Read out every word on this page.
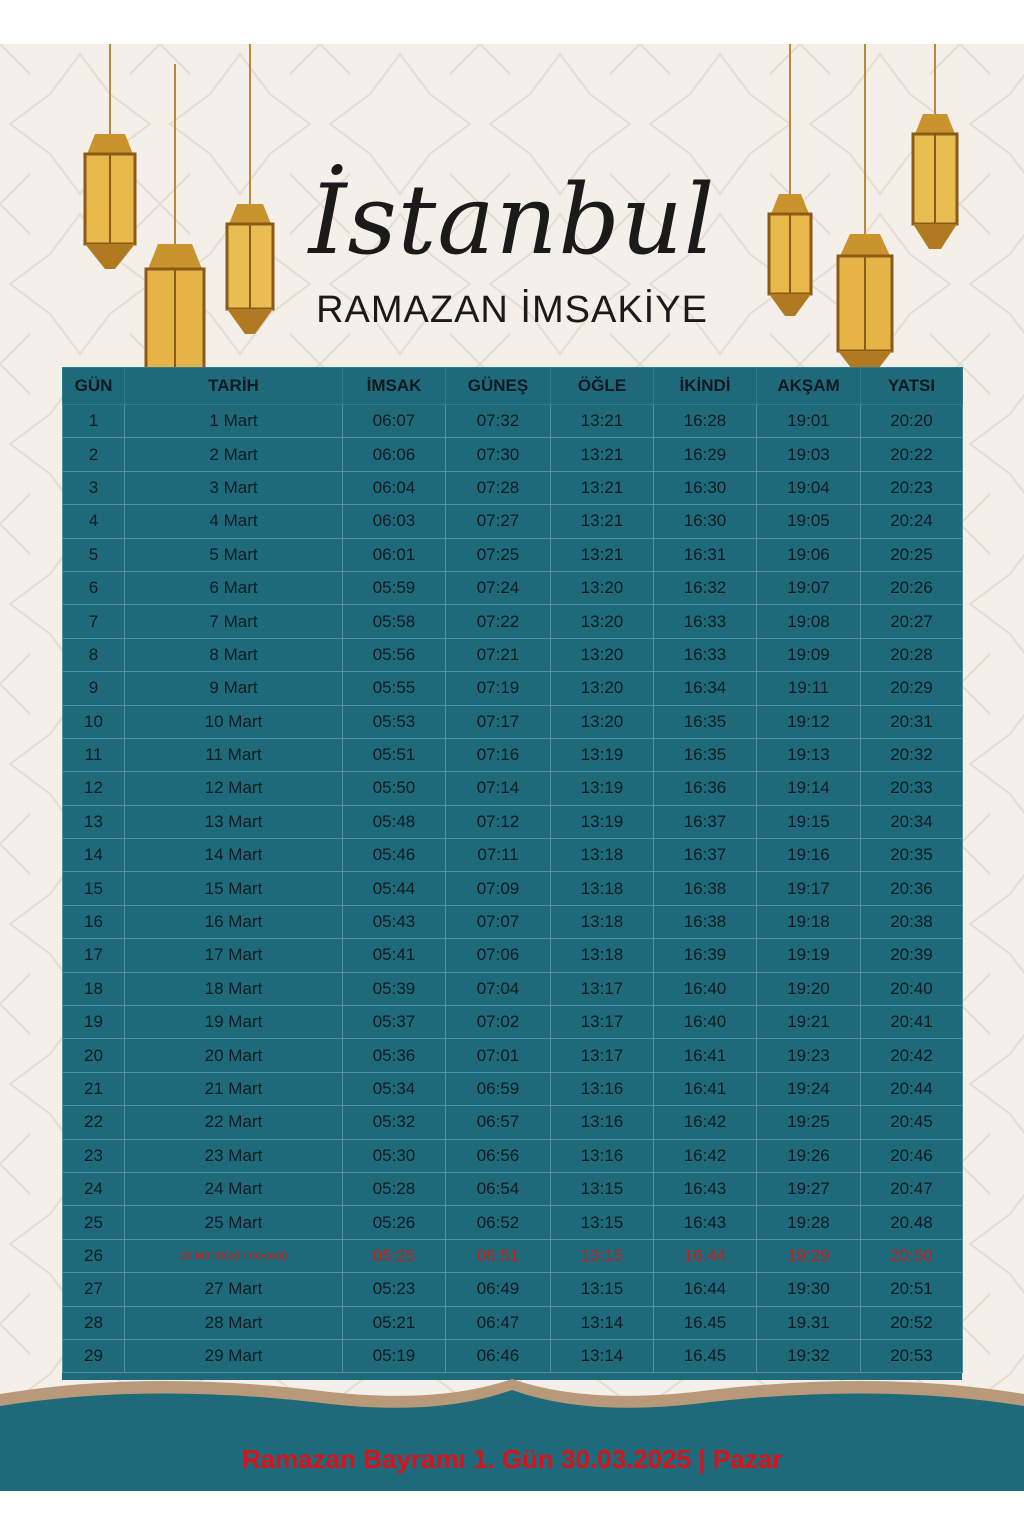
İstanbul
RAMAZAN İMSAKİYE
GÜN	TARİH	İMSAK	GÜNEŞ	ÖĞLE	İKİNDİ	AKŞAM	YATSI
1	1 Mart	06:07	07:32	13:21	16:28	19:01	20:20
2	2 Mart	06:06	07:30	13:21	16:29	19:03	20:22
3	3 Mart	06:04	07:28	13:21	16:30	19:04	20:23
4	4 Mart	06:03	07:27	13:21	16:30	19:05	20:24
5	5 Mart	06:01	07:25	13:21	16:31	19:06	20:25
6	6 Mart	05:59	07:24	13:20	16:32	19:07	20:26
7	7 Mart	05:58	07:22	13:20	16:33	19:08	20:27
8	8 Mart	05:56	07:21	13:20	16:33	19:09	20:28
9	9 Mart	05:55	07:19	13:20	16:34	19:11	20:29
10	10 Mart	05:53	07:17	13:20	16:35	19:12	20:31
11	11 Mart	05:51	07:16	13:19	16:35	19:13	20:32
12	12 Mart	05:50	07:14	13:19	16:36	19:14	20:33
13	13 Mart	05:48	07:12	13:19	16:37	19:15	20:34
14	14 Mart	05:46	07:11	13:18	16:37	19:16	20:35
15	15 Mart	05:44	07:09	13:18	16:38	19:17	20:36
16	16 Mart	05:43	07:07	13:18	16:38	19:18	20:38
17	17 Mart	05:41	07:06	13:18	16:39	19:19	20:39
18	18 Mart	05:39	07:04	13:17	16:40	19:20	20:40
19	19 Mart	05:37	07:02	13:17	16:40	19:21	20:41
20	20 Mart	05:36	07:01	13:17	16:41	19:23	20:42
21	21 Mart	05:34	06:59	13:16	16:41	19:24	20:44
22	22 Mart	05:32	06:57	13:16	16:42	19:25	20:45
23	23 Mart	05:30	06:56	13:16	16:42	19:26	20:46
24	24 Mart	05:28	06:54	13:15	16:43	19:27	20:47
25	25 Mart	05:26	06:52	13:15	16:43	19:28	20.48
26	26 Mart(Kadir Gecesi)	05:25	06:51	13:15	16:44	19:29	20:50
27	27 Mart	05:23	06:49	13:15	16:44	19:30	20:51
28	28 Mart	05:21	06:47	13:14	16.45	19.31	20:52
29	29 Mart	05:19	06:46	13:14	16.45	19:32	20:53
Ramazan Bayramı 1. Gün 30.03.2025 | Pazar
